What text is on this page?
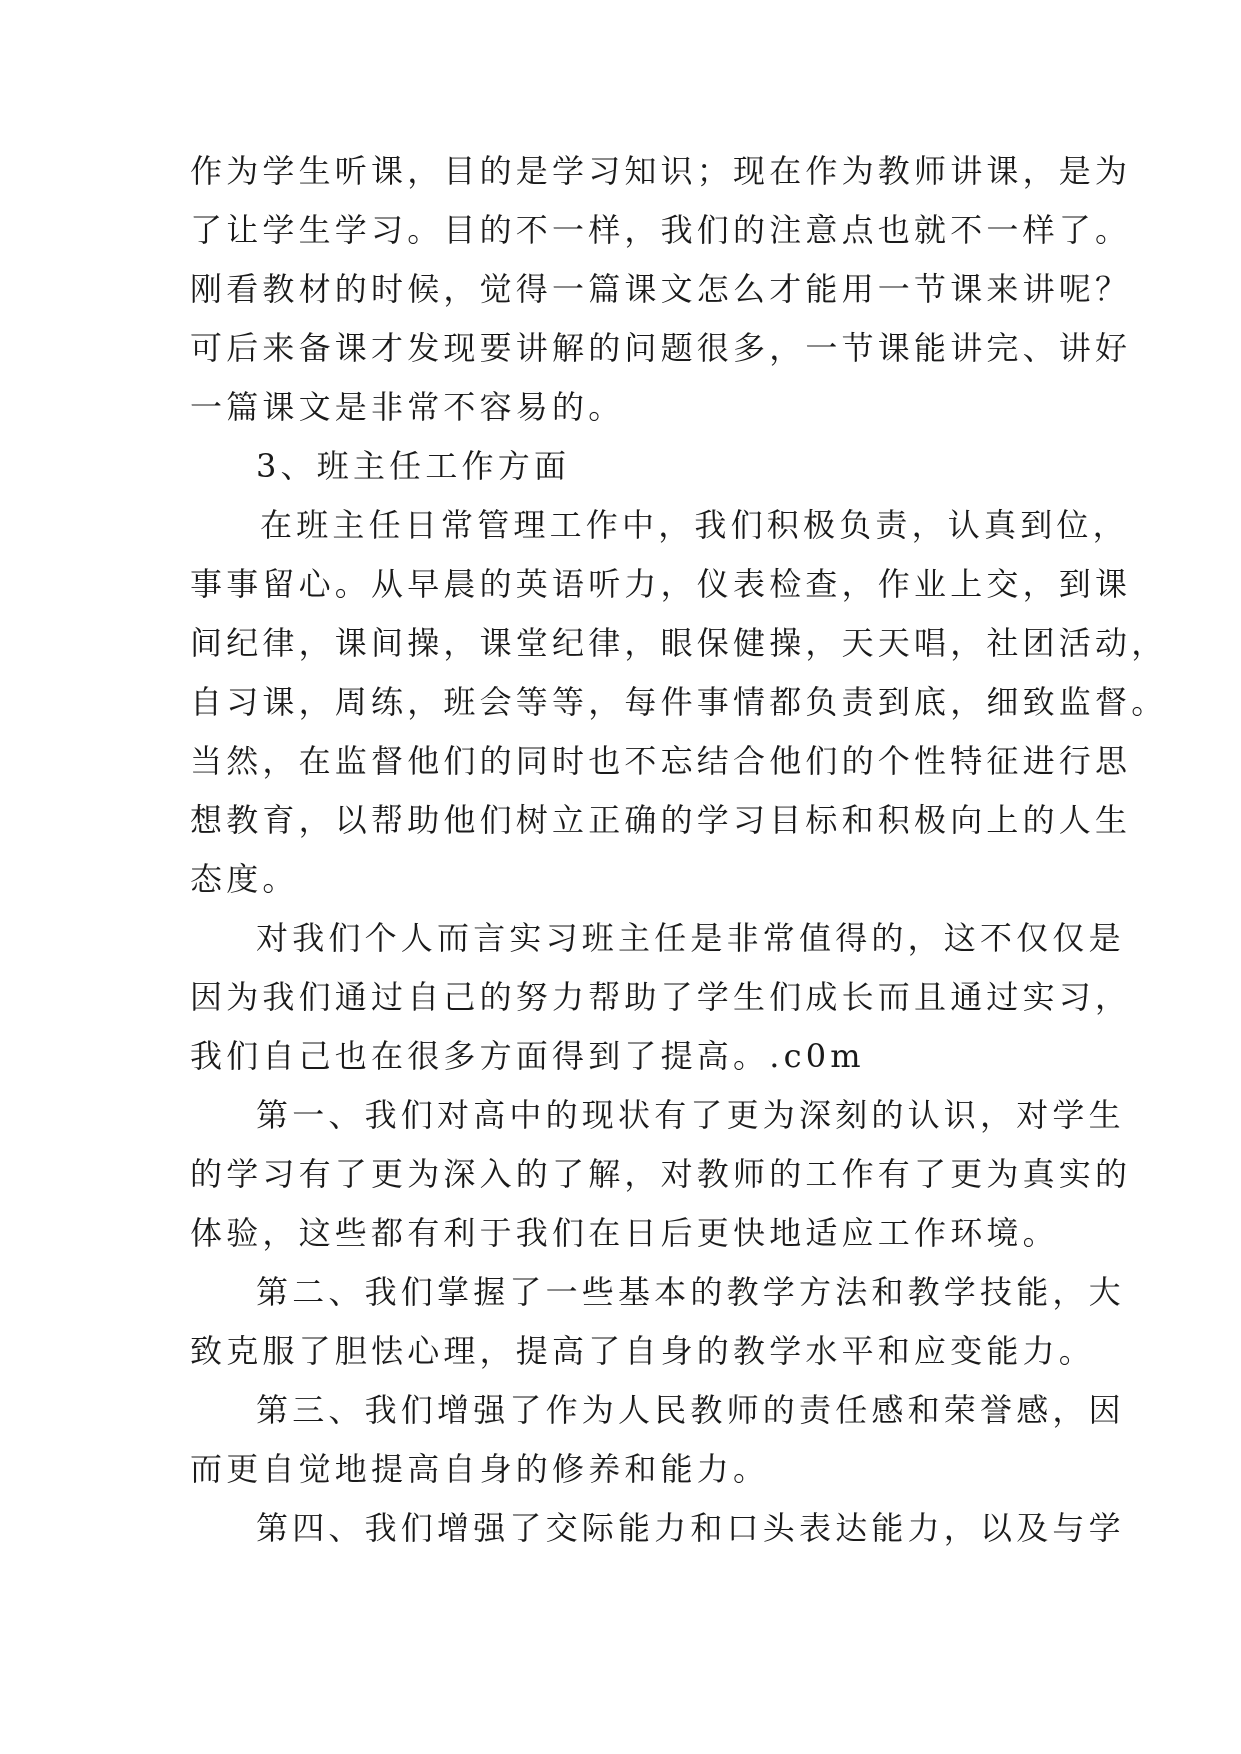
作为学生听课，目的是学习知识；现在作为教师讲课，是为
了让学生学习。目的不一样，我们的注意点也就不一样了。
刚看教材的时候，觉得一篇课文怎么才能用一节课来讲呢？
可后来备课才发现要讲解的问题很多，一节课能讲完、讲好
一篇课文是非常不容易的。
3、班主任工作方面
在班主任日常管理工作中，我们积极负责，认真到位，
事事留心。从早晨的英语听力，仪表检查，作业上交，到课
间纪律，课间操，课堂纪律，眼保健操，天天唱，社团活动，
自习课，周练，班会等等，每件事情都负责到底，细致监督。
当然，在监督他们的同时也不忘结合他们的个性特征进行思
想教育，以帮助他们树立正确的学习目标和积极向上的人生
态度。
对我们个人而言实习班主任是非常值得的，这不仅仅是
因为我们通过自己的努力帮助了学生们成长而且通过实习，
我们自己也在很多方面得到了提高。.c0m
第一、我们对高中的现状有了更为深刻的认识，对学生
的学习有了更为深入的了解，对教师的工作有了更为真实的
体验，这些都有利于我们在日后更快地适应工作环境。
第二、我们掌握了一些基本的教学方法和教学技能，大
致克服了胆怯心理，提高了自身的教学水平和应变能力。
第三、我们增强了作为人民教师的责任感和荣誉感，因
而更自觉地提高自身的修养和能力。
第四、我们增强了交际能力和口头表达能力，以及与学
